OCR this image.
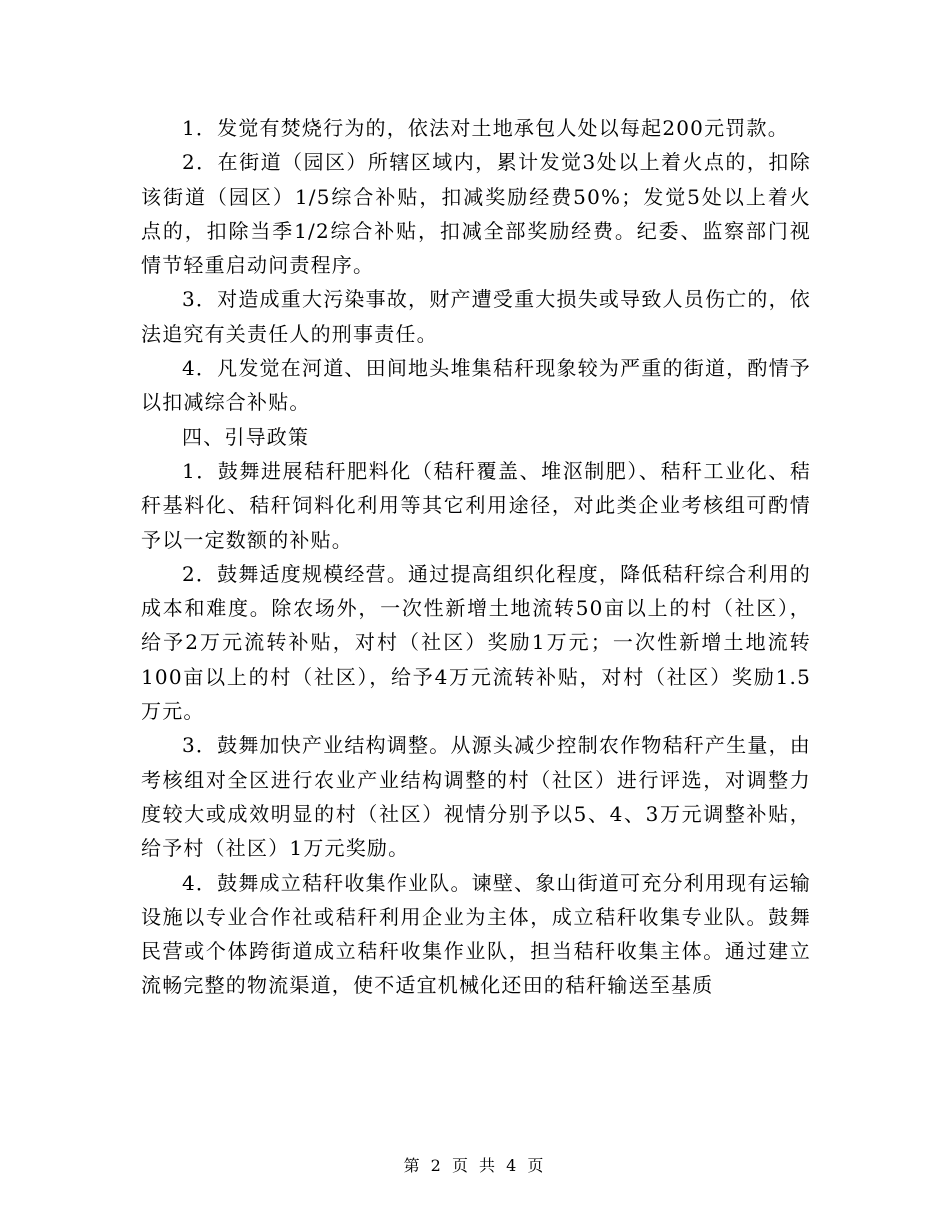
1．发觉有焚烧行为的，依法对土地承包人处以每起200元罚款。

2．在街道（园区）所辖区域内，累计发觉3处以上着火点的，扣除该街道（园区）1/5综合补贴，扣减奖励经费50%；发觉5处以上着火点的，扣除当季1/2综合补贴，扣减全部奖励经费。纪委、监察部门视情节轻重启动问责程序。

3．对造成重大污染事故，财产遭受重大损失或导致人员伤亡的，依法追究有关责任人的刑事责任。

4．凡发觉在河道、田间地头堆集秸秆现象较为严重的街道，酌情予以扣减综合补贴。

四、引导政策

1．鼓舞进展秸秆肥料化（秸秆覆盖、堆沤制肥）、秸秆工业化、秸秆基料化、秸秆饲料化利用等其它利用途径，对此类企业考核组可酌情予以一定数额的补贴。

2．鼓舞适度规模经营。通过提高组织化程度，降低秸秆综合利用的成本和难度。除农场外，一次性新增土地流转50亩以上的村（社区），给予2万元流转补贴，对村（社区）奖励1万元；一次性新增土地流转100亩以上的村（社区），给予4万元流转补贴，对村（社区）奖励1.5万元。

3．鼓舞加快产业结构调整。从源头减少控制农作物秸秆产生量，由考核组对全区进行农业产业结构调整的村（社区）进行评选，对调整力度较大或成效明显的村（社区）视情分别予以5、4、3万元调整补贴，给予村（社区）1万元奖励。

4．鼓舞成立秸秆收集作业队。谏壁、象山街道可充分利用现有运输设施以专业合作社或秸秆利用企业为主体，成立秸秆收集专业队。鼓舞民营或个体跨街道成立秸秆收集作业队，担当秸秆收集主体。通过建立流畅完整的物流渠道，使不适宜机械化还田的秸秆输送至基质

第 2 页 共 4 页
